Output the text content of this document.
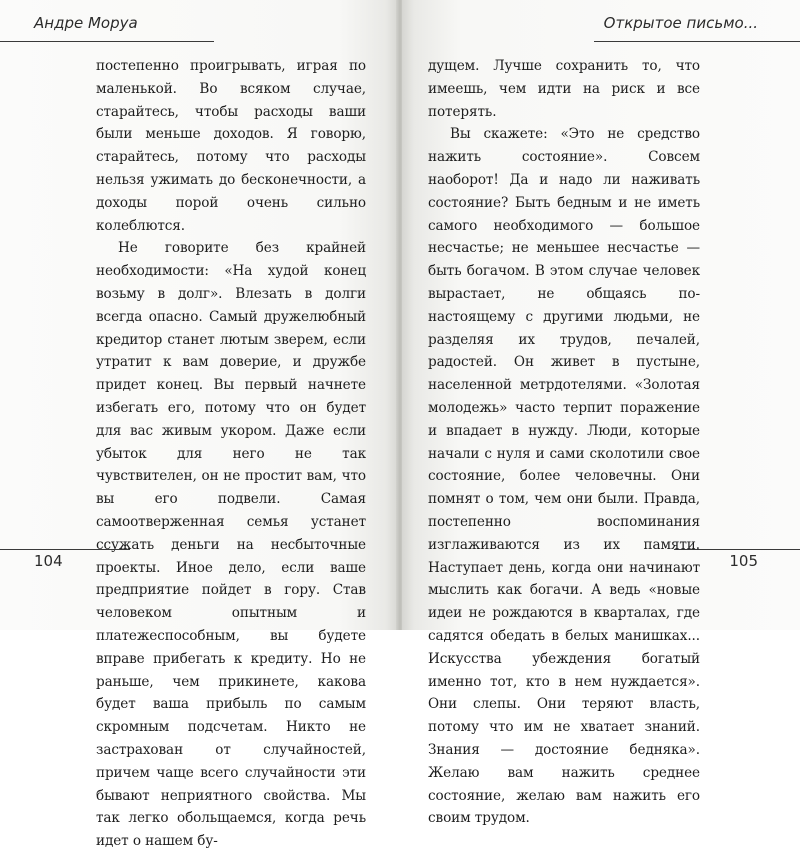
Андре Моруа

постепенно проигрывать, играя по маленькой. Во всяком случае, старайтесь, чтобы расходы ваши были меньше доходов. Я говорю, старайтесь, потому что расходы нельзя ужимать до бесконечности, а доходы порой очень сильно колеблются.

Не говорите без крайней необходимости: «На худой конец возьму в долг». Влезать в долги всегда опасно. Самый дружелюбный кредитор станет лютым зверем, если утратит к вам доверие, и дружбе придет конец. Вы первый начнете избегать его, потому что он будет для вас живым укором. Даже если убыток для него не так чувствителен, он не простит вам, что вы его подвели. Самая самоотверженная семья устанет ссужать деньги на несбыточные проекты. Иное дело, если ваше предприятие пойдет в гору. Став человеком опытным и платежеспособным, вы будете вправе прибегать к кредиту. Но не раньше, чем прикинете, какова будет ваша прибыль по самым скромным подсчетам. Никто не застрахован от случайностей, причем чаще всего случайности эти бывают неприятного свойства. Мы так легко обольщаемся, когда речь идет о нашем бу-

104

Открытое письмо...

105

дущем. Лучше сохранить то, что имеешь, чем идти на риск и все потерять.

Вы скажете: «Это не средство нажить состояние». Совсем наоборот! Да и надо ли наживать состояние? Быть бедным и не иметь самого необходимого — большое несчастье; не меньшее несчастье — быть богачом. В этом случае человек вырастает, не общаясь по-настоящему с другими людьми, не разделяя их трудов, печалей, радостей. Он живет в пустыне, населенной метрдотелями. «Золотая молодежь» часто терпит поражение и впадает в нужду. Люди, которые начали с нуля и сами сколотили свое состояние, более человечны. Они помнят о том, чем они были. Правда, постепенно воспоминания изглаживаются из их памяти. Наступает день, когда они начинают мыслить как богачи. А ведь «новые идеи не рождаются в кварталах, где садятся обедать в белых манишках... Искусства убеждения богатый именно тот, кто в нем нуждается». Они слепы. Они теряют власть, потому что им не хватает знаний. Знания — достояние бедняка». Желаю вам нажить среднее состояние, желаю вам нажить его своим трудом.
